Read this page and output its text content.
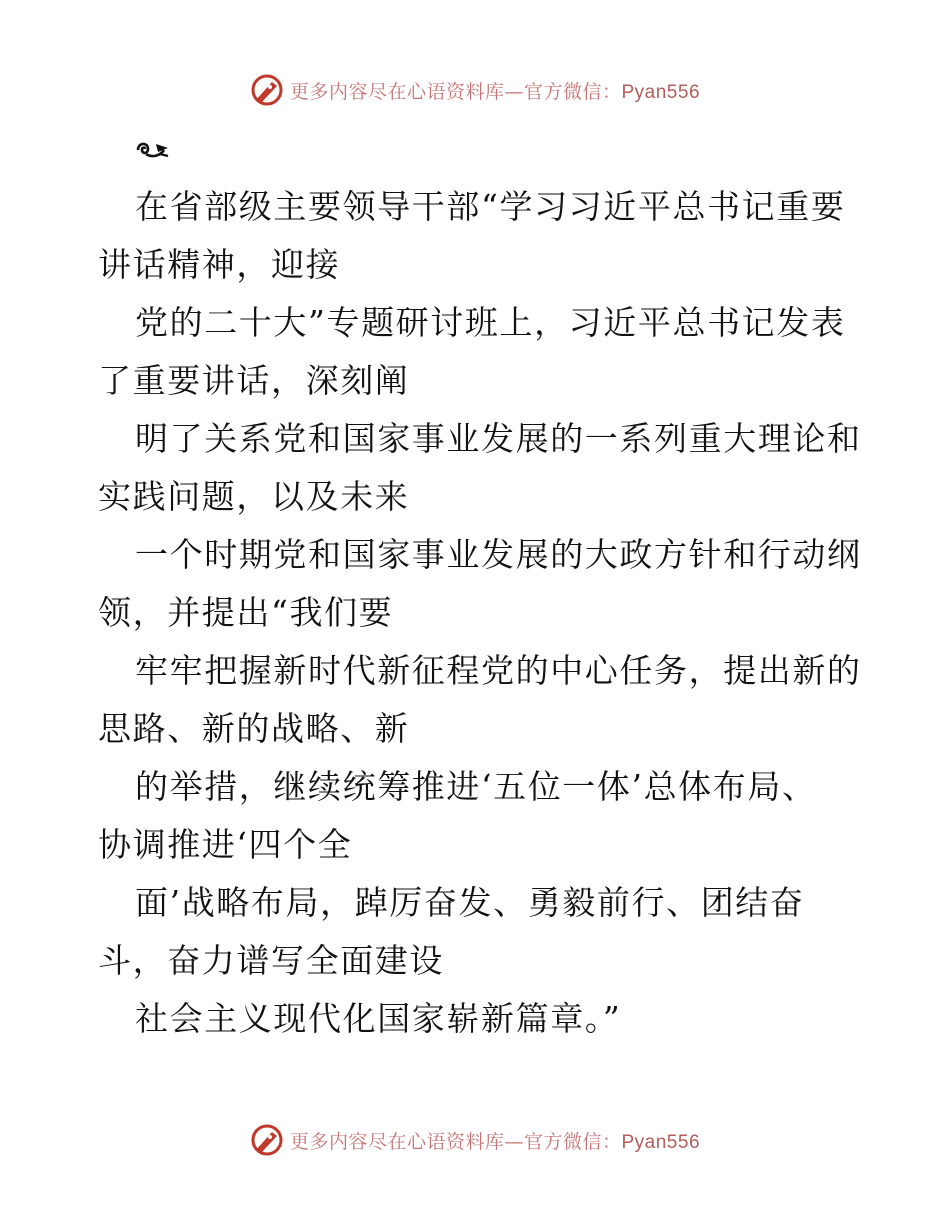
更多内容尽在心语资料库—官方微信：Pyan556
在省部级主要领导干部“学习习近平总书记重要
讲话精神，迎接
党的二十大”专题研讨班上，习近平总书记发表
了重要讲话，深刻阐
明了关系党和国家事业发展的一系列重大理论和
实践问题，以及未来
一个时期党和国家事业发展的大政方针和行动纲
领，并提出“我们要
牢牢把握新时代新征程党的中心任务，提出新的
思路、新的战略、新
的举措，继续统筹推进‘五位一体’总体布局、
协调推进‘四个全
面’战略布局，踔厉奋发、勇毅前行、团结奋
斗，奋力谱写全面建设
社会主义现代化国家崭新篇章。”
更多内容尽在心语资料库—官方微信：Pyan556
